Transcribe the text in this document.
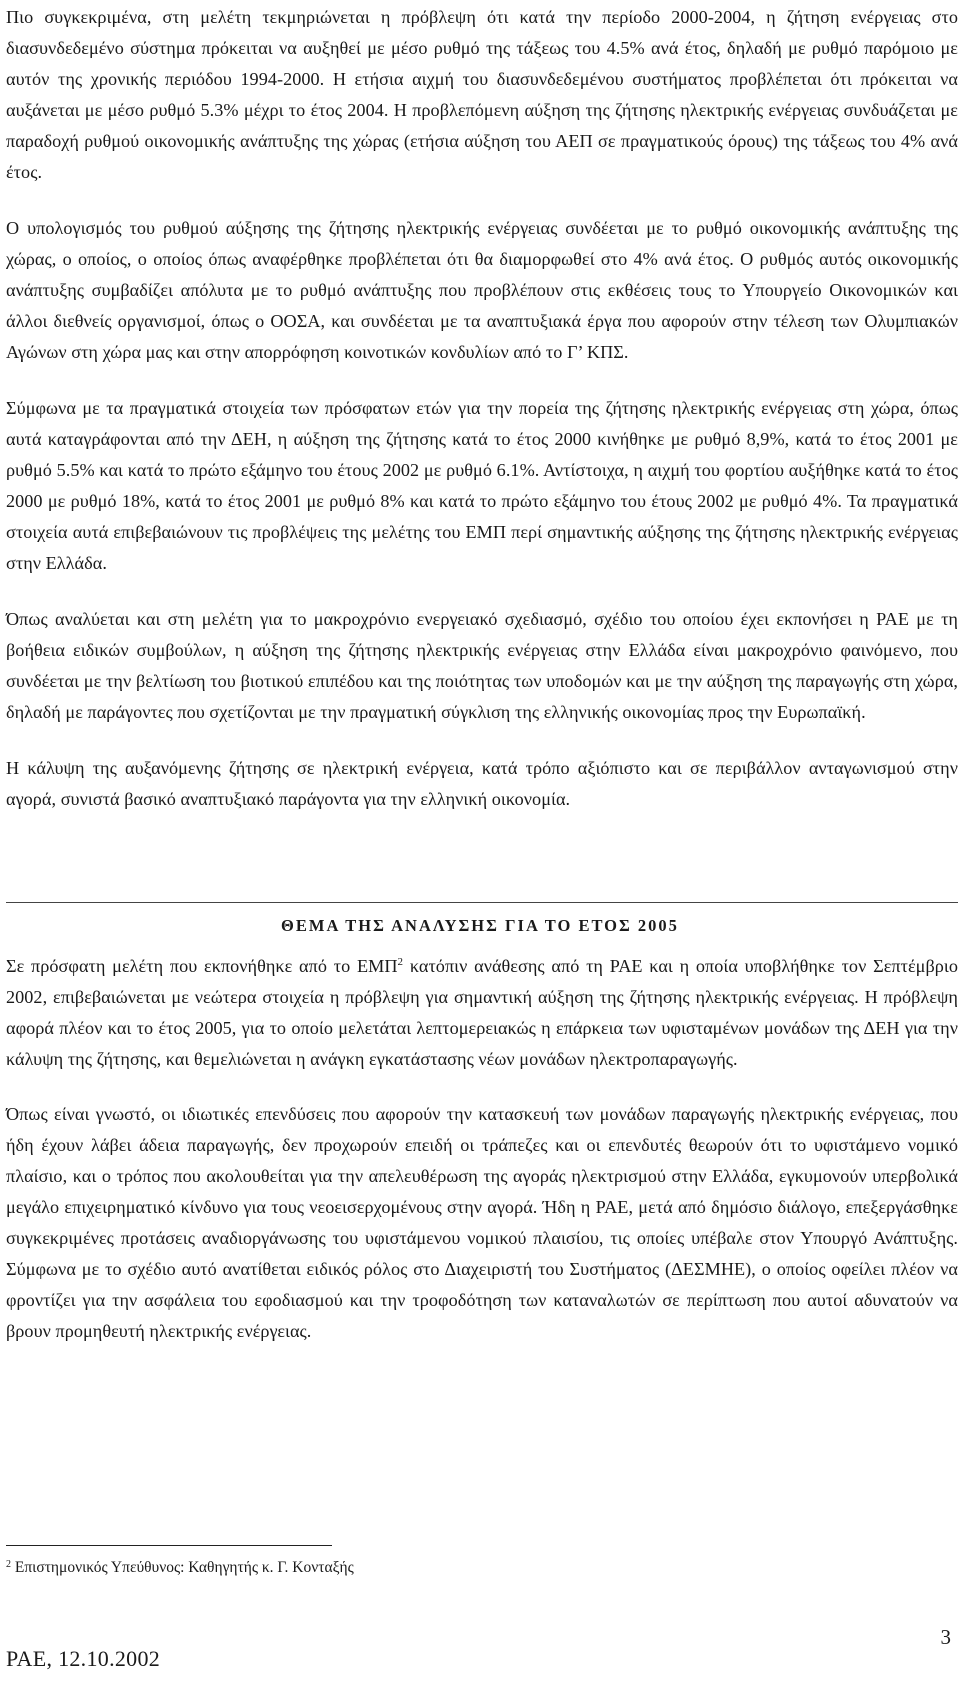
Πιο συγκεκριμένα, στη μελέτη τεκμηριώνεται η πρόβλεψη ότι κατά την περίοδο 2000-2004, η ζήτηση ενέργειας στο διασυνδεδεμένο σύστημα πρόκειται να αυξηθεί με μέσο ρυθμό της τάξεως του 4.5% ανά έτος, δηλαδή με ρυθμό παρόμοιο με αυτόν της χρονικής περιόδου 1994-2000. Η ετήσια αιχμή του διασυνδεδεμένου συστήματος προβλέπεται ότι πρόκειται να αυξάνεται με μέσο ρυθμό 5.3% μέχρι το έτος 2004. Η προβλεπόμενη αύξηση της ζήτησης ηλεκτρικής ενέργειας συνδυάζεται με παραδοχή ρυθμού οικονομικής ανάπτυξης της χώρας (ετήσια αύξηση του ΑΕΠ σε πραγματικούς όρους) της τάξεως του 4% ανά έτος.

Ο υπολογισμός του ρυθμού αύξησης της ζήτησης ηλεκτρικής ενέργειας συνδέεται με το ρυθμό οικονομικής ανάπτυξης της χώρας, ο οποίος, ο οποίος όπως αναφέρθηκε προβλέπεται ότι θα διαμορφωθεί στο 4% ανά έτος. Ο ρυθμός αυτός οικονομικής ανάπτυξης συμβαδίζει απόλυτα με το ρυθμό ανάπτυξης που προβλέπουν στις εκθέσεις τους το Υπουργείο Οικονομικών και άλλοι διεθνείς οργανισμοί, όπως ο ΟΟΣΑ, και συνδέεται με τα αναπτυξιακά έργα που αφορούν στην τέλεση των Ολυμπιακών Αγώνων στη χώρα μας και στην απορρόφηση κοινοτικών κονδυλίων από το Γ’ ΚΠΣ.

Σύμφωνα με τα πραγματικά στοιχεία των πρόσφατων ετών για την πορεία της ζήτησης ηλεκτρικής ενέργειας στη χώρα, όπως αυτά καταγράφονται από την ΔΕΗ, η αύξηση της ζήτησης κατά το έτος 2000 κινήθηκε με ρυθμό 8,9%, κατά το έτος 2001 με ρυθμό 5.5% και κατά το πρώτο εξάμηνο του έτους 2002 με ρυθμό 6.1%. Αντίστοιχα, η αιχμή του φορτίου αυξήθηκε κατά το έτος 2000 με ρυθμό 18%, κατά το έτος 2001 με ρυθμό 8% και κατά το πρώτο εξάμηνο του έτους 2002 με ρυθμό 4%. Τα πραγματικά στοιχεία αυτά επιβεβαιώνουν τις προβλέψεις της μελέτης του ΕΜΠ περί σημαντικής αύξησης της ζήτησης ηλεκτρικής ενέργειας στην Ελλάδα.

Όπως αναλύεται και στη μελέτη για το μακροχρόνιο ενεργειακό σχεδιασμό, σχέδιο του οποίου έχει εκπονήσει η ΡΑΕ με τη βοήθεια ειδικών συμβούλων, η αύξηση της ζήτησης ηλεκτρικής ενέργειας στην Ελλάδα είναι μακροχρόνιο φαινόμενο, που συνδέεται με την βελτίωση του βιοτικού επιπέδου και της ποιότητας των υποδομών και με την αύξηση της παραγωγής στη χώρα, δηλαδή με παράγοντες που σχετίζονται με την πραγματική σύγκλιση της ελληνικής οικονομίας προς την Ευρωπαϊκή.

Η κάλυψη της αυξανόμενης ζήτησης σε ηλεκτρική ενέργεια, κατά τρόπο αξιόπιστο και σε περιβάλλον ανταγωνισμού στην αγορά, συνιστά βασικό αναπτυξιακό παράγοντα για την ελληνική οικονομία.

ΘΕΜΑ ΤΗΣ ΑΝΑΛΥΣΗΣ ΓΙΑ ΤΟ ΕΤΟΣ 2005

Σε πρόσφατη μελέτη που εκπονήθηκε από το ΕΜΠ$^2$ κατόπιν ανάθεσης από τη ΡΑΕ και η οποία υποβλήθηκε τον Σεπτέμβριο 2002, επιβεβαιώνεται με νεώτερα στοιχεία η πρόβλεψη για σημαντική αύξηση της ζήτησης ηλεκτρικής ενέργειας. Η πρόβλεψη αφορά πλέον και το έτος 2005, για το οποίο μελετάται λεπτομερειακώς η επάρκεια των υφισταμένων μονάδων της ΔΕΗ για την κάλυψη της ζήτησης, και θεμελιώνεται η ανάγκη εγκατάστασης νέων μονάδων ηλεκτροπαραγωγής.

Όπως είναι γνωστό, οι ιδιωτικές επενδύσεις που αφορούν την κατασκευή των μονάδων παραγωγής ηλεκτρικής ενέργειας, που ήδη έχουν λάβει άδεια παραγωγής, δεν προχωρούν επειδή οι τράπεζες και οι επενδυτές θεωρούν ότι το υφιστάμενο νομικό πλαίσιο, και ο τρόπος που ακολουθείται για την απελευθέρωση της αγοράς ηλεκτρισμού στην Ελλάδα, εγκυμονούν υπερβολικά μεγάλο επιχειρηματικό κίνδυνο για τους νεοεισερχομένους στην αγορά. Ήδη η ΡΑΕ, μετά από δημόσιο διάλογο, επεξεργάσθηκε συγκεκριμένες προτάσεις αναδιοργάνωσης του υφιστάμενου νομικού πλαισίου, τις οποίες υπέβαλε στον Υπουργό Ανάπτυξης. Σύμφωνα με το σχέδιο αυτό ανατίθεται ειδικός ρόλος στο Διαχειριστή του Συστήματος (ΔΕΣΜΗΕ), ο οποίος οφείλει πλέον να φροντίζει για την ασφάλεια του εφοδιασμού και την τροφοδότηση των καταναλωτών σε περίπτωση που αυτοί αδυνατούν να βρουν προμηθευτή ηλεκτρικής ενέργειας.

$^2$ Επιστημονικός Υπεύθυνος: Καθηγητής κ. Γ. Κονταξής
ΡΑΕ, 12.10.2002
3
